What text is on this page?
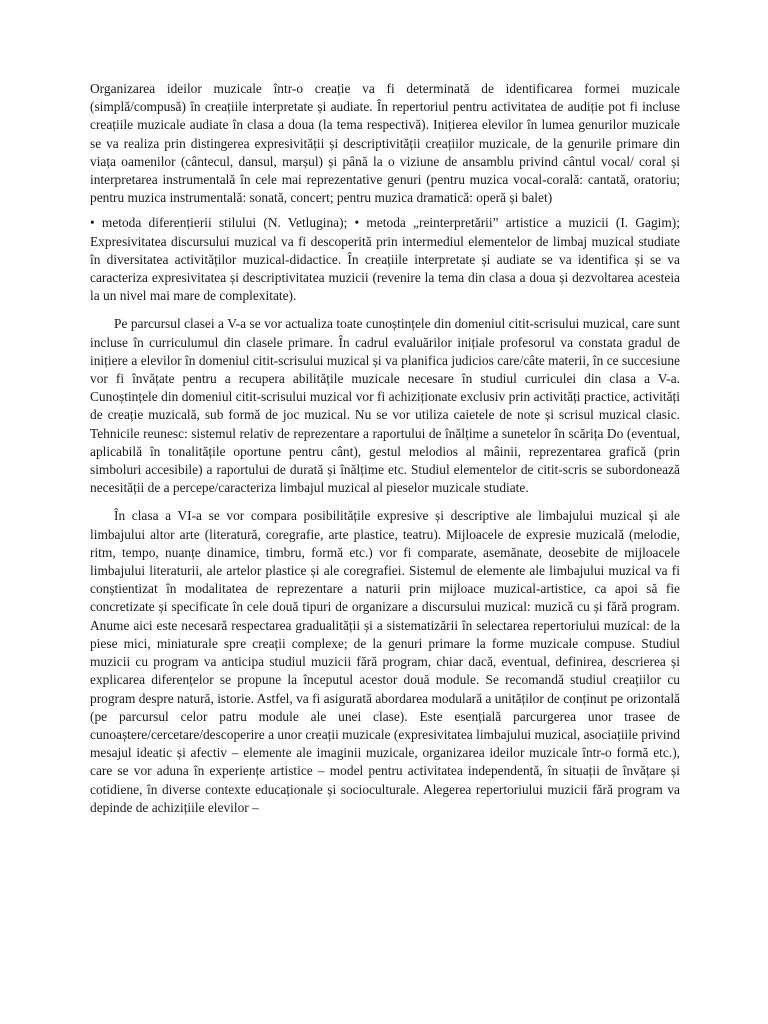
Organizarea ideilor muzicale într-o creație va fi determinată de identificarea formei muzicale (simplă/compusă) în creațiile interpretate și audiate. În repertoriul pentru activitatea de audiție pot fi incluse creațiile muzicale audiate în clasa a doua (la tema respectivă). Inițierea elevilor în lumea genurilor muzicale se va realiza prin distingerea expresivității și descriptivității creațiilor muzicale, de la genurile primare din viața oamenilor (cântecul, dansul, marșul) și până la o viziune de ansamblu privind cântul vocal/ coral și interpretarea instrumentală în cele mai reprezentative genuri (pentru muzica vocal-corală: cantată, oratoriu; pentru muzica instrumentală: sonată, concert; pentru muzica dramatică: operă și balet)

• metoda diferențierii stilului (N. Vetlugina); • metoda „reinterpretării” artistice a muzicii (I. Gagim); Expresivitatea discursului muzical va fi descoperită prin intermediul elementelor de limbaj muzical studiate în diversitatea activităților muzical-didactice. În creațiile interpretate și audiate se va identifica și se va caracteriza expresivitatea și descriptivitatea muzicii (revenire la tema din clasa a doua și dezvoltarea acesteia la un nivel mai mare de complexitate).

Pe parcursul clasei a V-a se vor actualiza toate cunoștințele din domeniul citit-scrisului muzical, care sunt incluse în curriculumul din clasele primare. În cadrul evaluărilor inițiale profesorul va constata gradul de inițiere a elevilor în domeniul citit-scrisului muzical și va planifica judicios care/câte materii, în ce succesiune vor fi învățate pentru a recupera abilitățile muzicale necesare în studiul curriculei din clasa a V-a. Cunoștințele din domeniul citit-scrisului muzical vor fi achiziționate exclusiv prin activități practice, activități de creație muzicală, sub formă de joc muzical. Nu se vor utiliza caietele de note și scrisul muzical clasic. Tehnicile reunesc: sistemul relativ de reprezentare a raportului de înălțime a sunetelor în scărița Do (eventual, aplicabilă în tonalitățile oportune pentru cânt), gestul melodios al mâinii, reprezentarea grafică (prin simboluri accesibile) a raportului de durată și înălțime etc. Studiul elementelor de citit-scris se subordonează necesității de a percepe/caracteriza limbajul muzical al pieselor muzicale studiate.

În clasa a VI-a se vor compara posibilitățile expresive și descriptive ale limbajului muzical și ale limbajului altor arte (literatură, coregrafie, arte plastice, teatru). Mijloacele de expresie muzicală (melodie, ritm, tempo, nuanțe dinamice, timbru, formă etc.) vor fi comparate, asemănate, deosebite de mijloacele limbajului literaturii, ale artelor plastice și ale coregrafiei. Sistemul de elemente ale limbajului muzical va fi conștientizat în modalitatea de reprezentare a naturii prin mijloace muzical-artistice, ca apoi să fie concretizate și specificate în cele două tipuri de organizare a discursului muzical: muzică cu și fără program. Anume aici este necesară respectarea gradualității și a sistematizării în selectarea repertoriului muzical: de la piese mici, miniaturale spre creații complexe; de la genuri primare la forme muzicale compuse. Studiul muzicii cu program va anticipa studiul muzicii fără program, chiar dacă, eventual, definirea, descrierea și explicarea diferențelor se propune la începutul acestor două module. Se recomandă studiul creațiilor cu program despre natură, istorie. Astfel, va fi asigurată abordarea modulară a unităților de conținut pe orizontală (pe parcursul celor patru module ale unei clase). Este esențială parcurgerea unor trasee de cunoaștere/cercetare/descoperire a unor creații muzicale (expresivitatea limbajului muzical, asociațiile privind mesajul ideatic și afectiv – elemente ale imaginii muzicale, organizarea ideilor muzicale într-o formă etc.), care se vor aduna în experiențe artistice – model pentru activitatea independentă, în situații de învățare și cotidiene, în diverse contexte educaționale și socioculturale. Alegerea repertoriului muzicii fără program va depinde de achizițiile elevilor –
